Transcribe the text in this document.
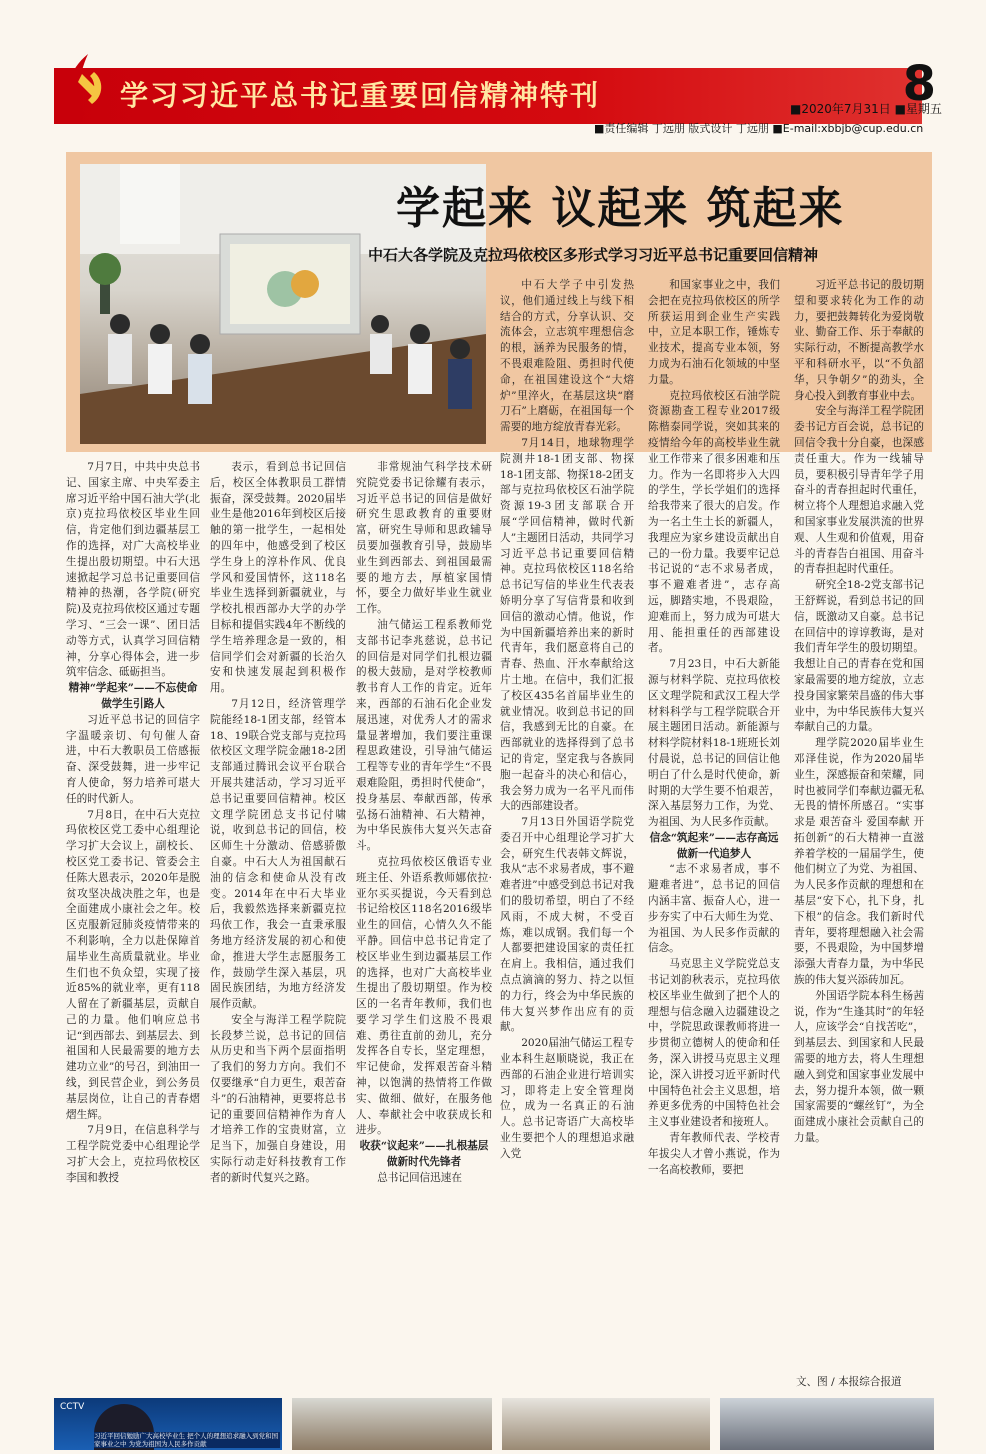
学习习近平总书记重要回信精神特刊	8
■2020年7月31日 ■星期五
■责任编辑 丁远朋 版式设计 丁远朋 ■E-mail:xbbjb@cup.edu.cn
学起来 议起来 筑起来
中石大各学院及克拉玛依校区多形式学习习近平总书记重要回信精神

中石大学子中引发热议，他们通过线上与线下相结合的方式，分享认识、交流体会，立志筑牢理想信念的根，涵养为民服务的情，不畏艰难险阻、勇担时代使命，在祖国建设这个“大熔炉”里淬火，在基层这块“磨刀石”上磨砺，在祖国每一个需要的地方绽放青春光彩。

7月14日，地球物理学院测井18-1团支部、物探18-1团支部、物探18-2团支部与克拉玛依校区石油学院资源19-3团支部联合开展“学回信精神，做时代新人”主题团日活动，共同学习习近平总书记重要回信精神。克拉玛依校区118名给总书记写信的毕业生代表表娇明分享了写信背景和收到回信的激动心情。他说，作为中国新疆培养出来的新时代青年，我们愿意将自己的青春、热血、汗水奉献给这片土地。在信中，我们汇报了校区435名首届毕业生的就业情况。收到总书记的回信，我感到无比的自豪。在西部就业的选择得到了总书记的肯定，坚定我与各族同胞一起奋斗的决心和信心，我会努力成为一名平凡而伟大的西部建设者。

7月13日外国语学院党委召开中心组理论学习扩大会，研究生代表韩文辉说，我从“志不求易者成，事不避难者进”中感受到总书记对我们的殷切希望，明白了不经风雨，不成大树，不受百炼，难以成钢。我们每一个人都要把建设国家的责任扛在肩上。我相信，通过我们点点滴滴的努力、持之以恒的力行，终会为中华民族的伟大复兴梦作出应有的贡献。

2020届油气储运工程专业本科生赵顺晓说，我正在西部的石油企业进行培训实习，即将走上安全管理岗位，成为一名真正的石油人。总书记寄语广大高校毕业生要把个人的理想追求融入党

和国家事业之中，我们会把在克拉玛依校区的所学所获运用到企业生产实践中，立足本职工作，锤炼专业技术，提高专业本领，努力成为石油石化领域的中坚力量。

克拉玛依校区石油学院资源勘查工程专业2017级陈楷泰同学说，突如其来的疫情给今年的高校毕业生就业工作带来了很多困难和压力。作为一名即将步入大四的学生，学长学姐们的选择给我带来了很大的启发。作为一名土生土长的新疆人，我理应为家乡建设贡献出自己的一份力量。我要牢记总书记说的“志不求易者成，事不避难者进”，志存高远，脚踏实地，不畏艰险，迎难而上，努力成为可堪大用、能担重任的西部建设者。

7月23日，中石大新能源与材料学院、克拉玛依校区文理学院和武汉工程大学材料科学与工程学院联合开展主题团日活动。新能源与材料学院材料18-1班班长刘付晨说，总书记的回信让他明白了什么是时代使命，新时期的大学生要不怕艰苦，深入基层努力工作，为党、为祖国、为人民多作贡献。

信念“筑起来”——志存高远做新一代追梦人

“志不求易者成，事不避难者进”，总书记的回信内涵丰富、振奋人心，进一步夯实了中石大师生为党、为祖国、为人民多作贡献的信念。

马克思主义学院党总支书记刘韵秋表示，克拉玛依校区毕业生做到了把个人的理想与信念融入边疆建设之中，学院思政课教师将进一步贯彻立德树人的使命和任务，深入讲授马克思主义理论，深入讲授习近平新时代中国特色社会主义思想，培养更多优秀的中国特色社会主义事业建设者和接班人。

青年教师代表、学校青年拔尖人才曾小燕说，作为一名高校教师，要把

习近平总书记的殷切期望和要求转化为工作的动力，要把鼓舞转化为爱岗敬业、勤奋工作、乐于奉献的实际行动，不断提高教学水平和科研水平，以“不负韶华，只争朝夕”的劲头，全身心投入到教育事业中去。

安全与海洋工程学院团委书记方百会说，总书记的回信令我十分自豪，也深感责任重大。作为一线辅导员，要积极引导青年学子用奋斗的青春担起时代重任，树立将个人理想追求融入党和国家事业发展洪流的世界观、人生观和价值观，用奋斗的青春告白祖国、用奋斗的青春担起时代重任。

研究全18-2党支部书记王舒辉说，看到总书记的回信，既激动又自豪。总书记在回信中的谆谆教诲，是对我们青年学生的殷切期望。我想让自己的青春在党和国家最需要的地方绽放，立志投身国家繁荣昌盛的伟大事业中，为中华民族伟大复兴奉献自己的力量。

理学院2020届毕业生邓泽佳说，作为2020届毕业生，深感振奋和荣耀，同时也被同学们奉献边疆无私无畏的情怀所感召。“实事求是 艰苦奋斗 爱国奉献 开拓创新”的石大精神一直滋养着学校的一届届学生，使他们树立了为党、为祖国、为人民多作贡献的理想和在基层“安下心，扎下身，扎下根”的信念。我们新时代青年，要将理想融入社会需要，不畏艰险，为中国梦增添强大青春力量，为中华民族的伟大复兴添砖加瓦。

外国语学院本科生杨茜说，作为“生逢其时”的年轻人，应该学会“自找苦吃”，到基层去、到国家和人民最需要的地方去，将人生理想融入到党和国家事业发展中去，努力提升本领，做一颗国家需要的“螺丝钉”，为全面建成小康社会贡献自己的力量。

7月7日，中共中央总书记、国家主席、中央军委主席习近平给中国石油大学(北京)克拉玛依校区毕业生回信，肯定他们到边疆基层工作的选择，对广大高校毕业生提出殷切期望。中石大迅速掀起学习总书记重要回信精神的热潮，各学院(研究院)及克拉玛依校区通过专题学习、“三会一课”、团日活动等方式，认真学习回信精神，分享心得体会，进一步筑牢信念、砥砺担当。

精神“学起来”——不忘使命做学生引路人

习近平总书记的回信字字温暖亲切、句句催人奋进，中石大教职员工倍感振奋、深受鼓舞，进一步牢记育人使命，努力培养可堪大任的时代新人。

7月8日，在中石大克拉玛依校区党工委中心组理论学习扩大会议上，副校长、校区党工委书记、管委会主任陈大恩表示，2020年是脱贫攻坚决战决胜之年，也是全面建成小康社会之年。校区克服新冠肺炎疫情带来的不利影响，全力以赴保障首届毕业生高质量就业。毕业生们也不负众望，实现了接近85%的就业率，更有118人留在了新疆基层，贡献自己的力量。他们响应总书记“到西部去、到基层去、到祖国和人民最需要的地方去建功立业”的号召，到油田一线，到民营企业，到公务员基层岗位，让自己的青春熠熠生辉。

7月9日，在信息科学与工程学院党委中心组理论学习扩大会上，克拉玛依校区李国和教授

表示，看到总书记回信后，校区全体教职员工群情振奋，深受鼓舞。2020届毕业生是他2016年到校区后接触的第一批学生，一起相处的四年中，他感受到了校区学生身上的淳朴作风、优良学风和爱国情怀，这118名毕业生选择到新疆就业，与学校扎根西部办大学的办学目标和提倡实践4年不断线的学生培养理念是一致的，相信同学们会对新疆的长治久安和快速发展起到积极作用。

7月12日，经济管理学院能经18-1团支部，经管本18、19联合党支部与克拉玛依校区文理学院金融18-2团支部通过腾讯会议平台联合开展共建活动，学习习近平总书记重要回信精神。校区文理学院团总支书记付啸说，收到总书记的回信，校区师生十分激动、倍感骄傲自豪。中石大人为祖国献石油的信念和使命从没有改变。2014年在中石大毕业后，我毅然选择来新疆克拉玛依工作，我会一直秉承服务地方经济发展的初心和使命，推进大学生志愿服务工作，鼓励学生深入基层，巩固民族团结，为地方经济发展作贡献。

安全与海洋工程学院院长段梦兰说，总书记的回信从历史和当下两个层面指明了我们的努力方向。我们不仅要继承“自力更生，艰苦奋斗”的石油精神，更要将总书记的重要回信精神作为育人才培养工作的宝贵财富，立足当下，加强自身建设，用实际行动走好科技教育工作者的新时代复兴之路。

非常规油气科学技术研究院党委书记徐耀有表示，习近平总书记的回信是做好研究生思政教育的重要财富，研究生导师和思政辅导员要加强教育引导，鼓励毕业生到西部去、到祖国最需要的地方去，厚植家国情怀，要全力做好毕业生就业工作。

油气储运工程系教师党支部书记李兆慈说，总书记的回信是对同学们扎根边疆的极大鼓励，是对学校教师教书育人工作的肯定。近年来，西部的石油石化企业发展迅速，对优秀人才的需求量显著增加，我们要注重课程思政建设，引导油气储运工程等专业的青年学生“不畏艰难险阻，勇担时代使命”，投身基层、奉献西部，传承弘扬石油精神、石大精神，为中华民族伟大复兴矢志奋斗。

克拉玛依校区俄语专业班主任、外语系教师娜依拉·亚尔买买提说，今天看到总书记给校区118名2016级毕业生的回信，心情久久不能平静。回信中总书记肯定了校区毕业生到边疆基层工作的选择，也对广大高校毕业生提出了殷切期望。作为校区的一名青年教师，我们也要学习学生们这股不畏艰难、勇往直前的劲儿，充分发挥各自专长，坚定理想，牢记使命，发挥艰苦奋斗精神，以饱满的热情将工作做实、做细、做好，在服务他人、奉献社会中收获成长和进步。

收获“议起来”——扎根基层做新时代先锋者

总书记回信迅速在

文、图 / 本报综合报道
CCTV
习近平回信勉励广大高校毕业生 把个人的理想追求融入到党和国家事业之中 为党为祖国为人民多作贡献
